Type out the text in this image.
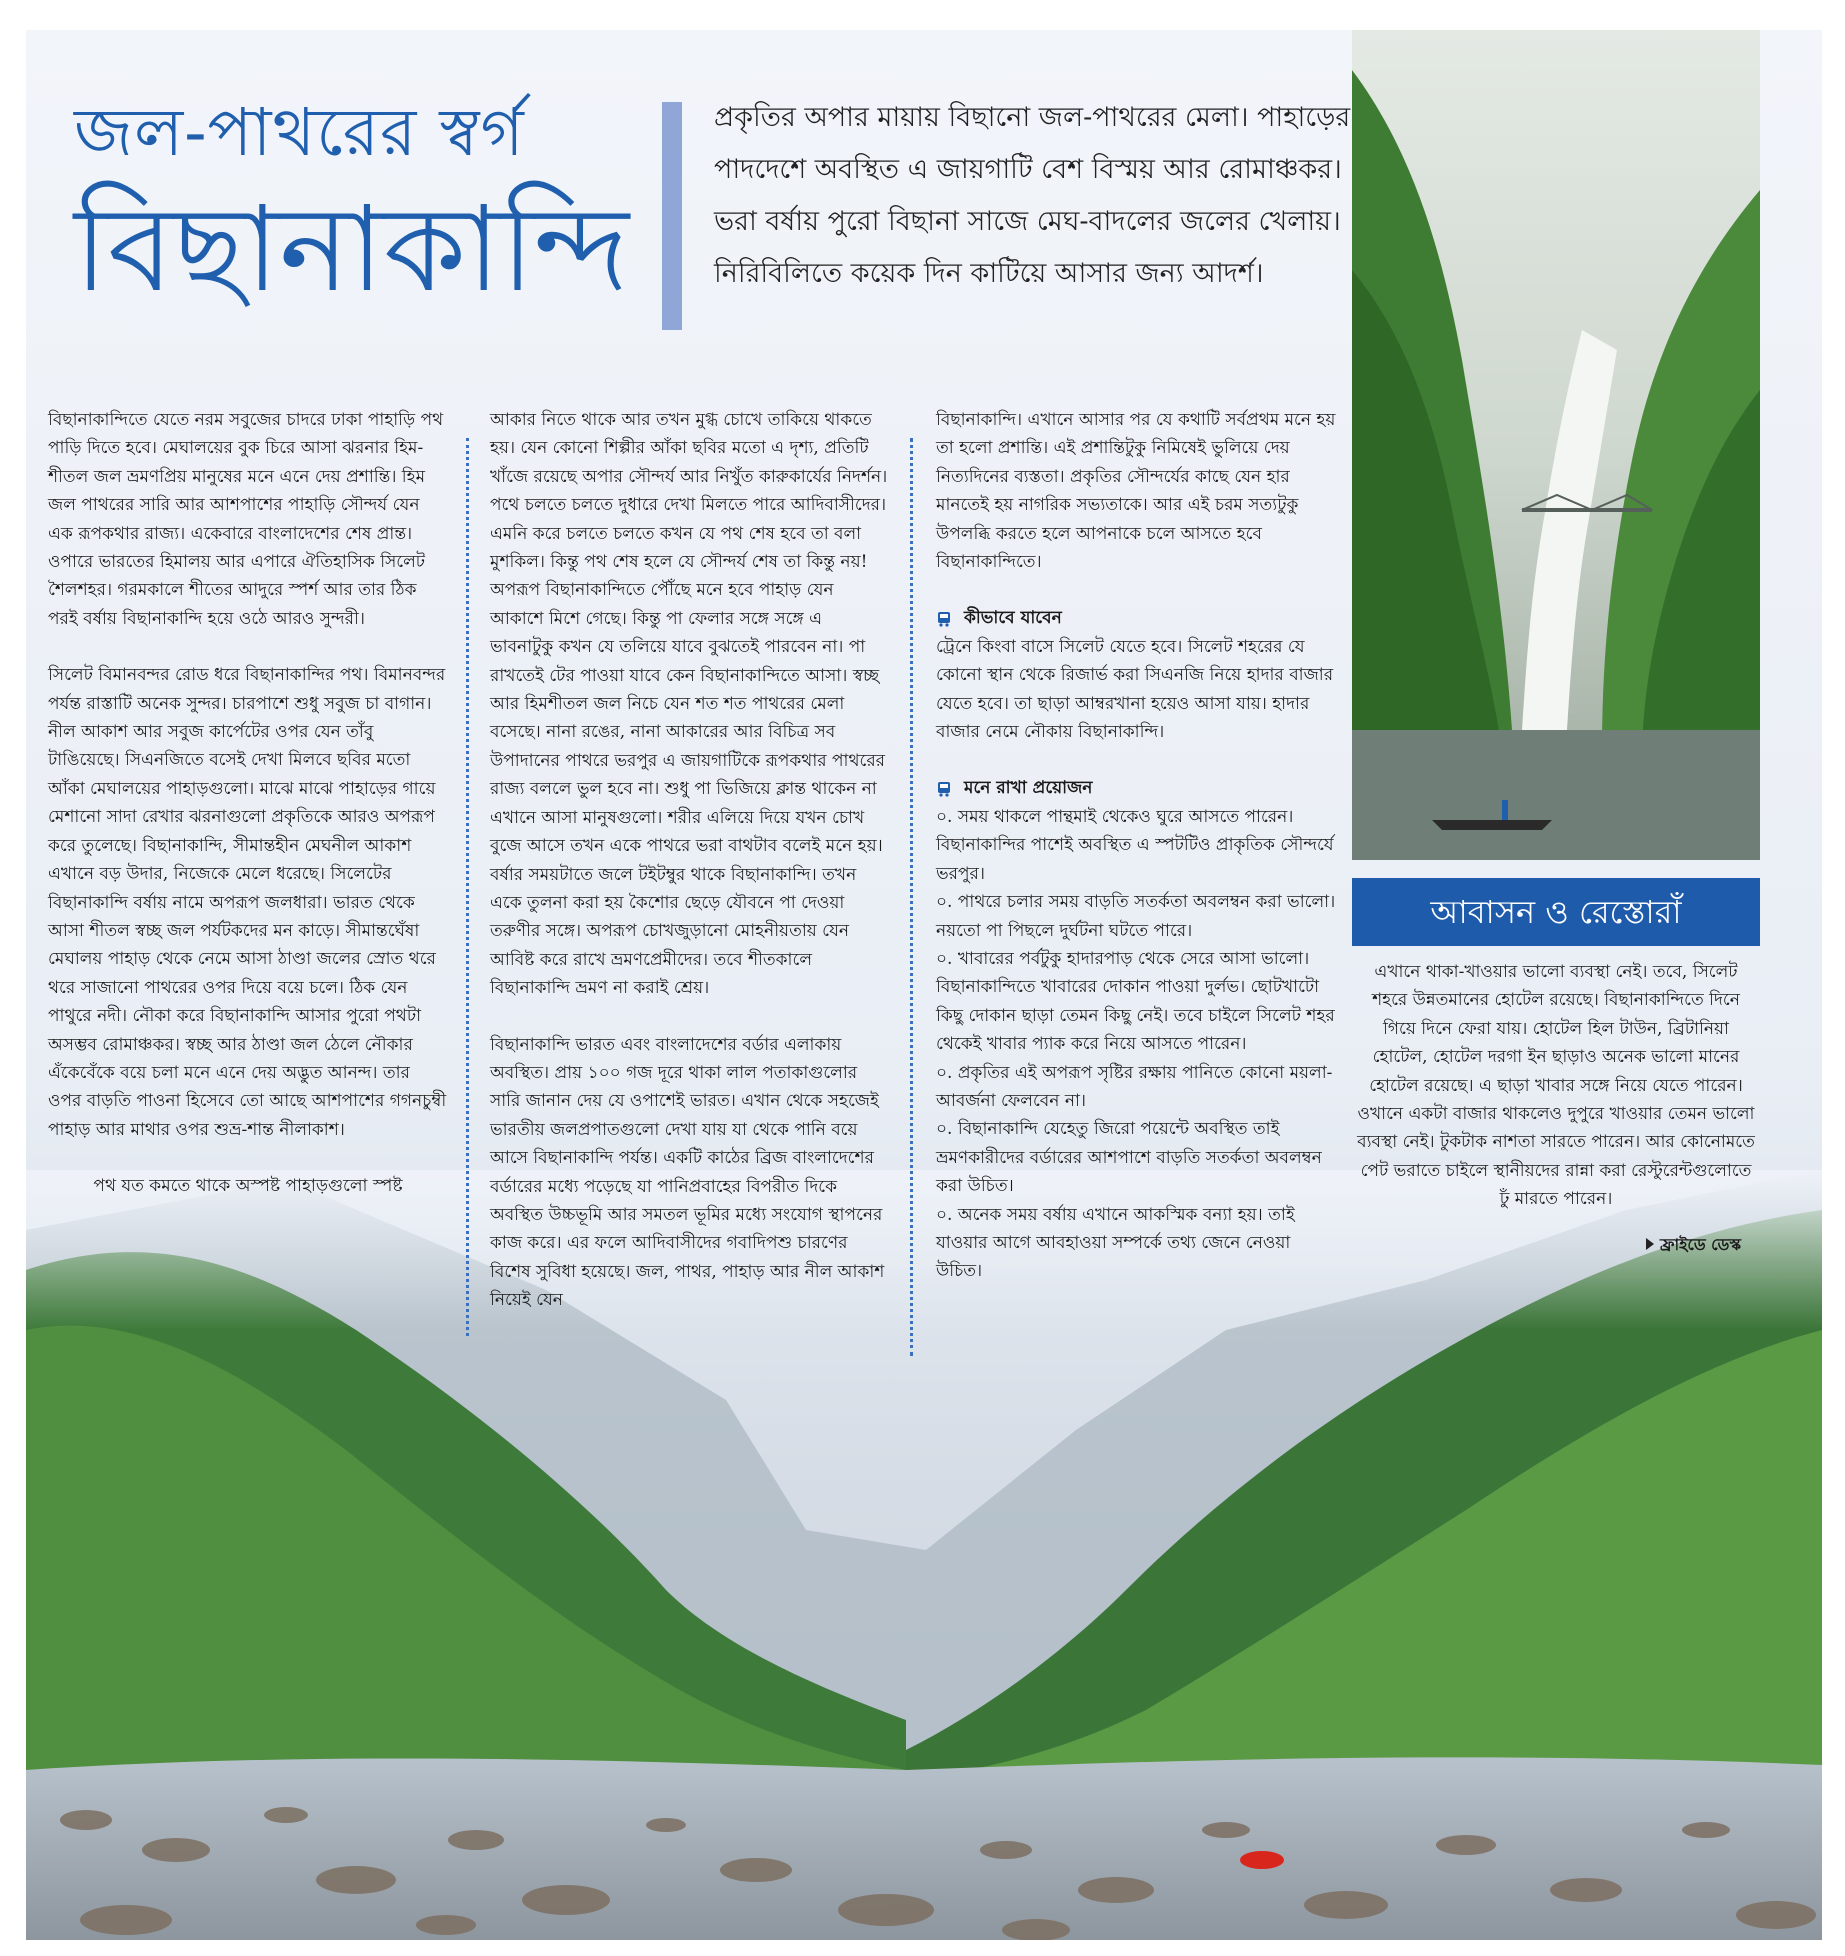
জল-পাথরের স্বর্গ
বিছানাকান্দি
প্রকৃতির অপার মায়ায় বিছানো জল-পাথরের মেলা। পাহাড়ের পাদদেশে অবস্থিত এ জায়গাটি বেশ বিস্ময় আর রোমাঞ্চকর। ভরা বর্ষায় পুরো বিছানা সাজে মেঘ-বাদলের জলের খেলায়। নিরিবিলিতে কয়েক দিন কাটিয়ে আসার জন্য আদর্শ।

বিছানাকান্দিতে যেতে নরম সবুজের চাদরে ঢাকা পাহাড়ি পথ পাড়ি দিতে হবে। মেঘালয়ের বুক চিরে আসা ঝরনার হিম-শীতল জল ভ্রমণপ্রিয় মানুষের মনে এনে দেয় প্রশান্তি। হিম জল পাথরের সারি আর আশপাশের পাহাড়ি সৌন্দর্য যেন এক রূপকথার রাজ্য। একেবারে বাংলাদেশের শেষ প্রান্ত। ওপারে ভারতের হিমালয় আর এপারে ঐতিহাসিক সিলেট শৈলশহর। গরমকালে শীতের আদুরে স্পর্শ আর তার ঠিক পরই বর্ষায় বিছানাকান্দি হয়ে ওঠে আরও সুন্দরী।

সিলেট বিমানবন্দর রোড ধরে বিছানাকান্দির পথ। বিমানবন্দর পর্যন্ত রাস্তাটি অনেক সুন্দর। চারপাশে শুধু সবুজ চা বাগান। নীল আকাশ আর সবুজ কার্পেটের ওপর যেন তাঁবু টাঙিয়েছে। সিএনজিতে বসেই দেখা মিলবে ছবির মতো আঁকা মেঘালয়ের পাহাড়গুলো। মাঝে মাঝে পাহাড়ের গায়ে মেশানো সাদা রেখার ঝরনাগুলো প্রকৃতিকে আরও অপরূপ করে তুলেছে। বিছানাকান্দি, সীমান্তহীন মেঘনীল আকাশ এখানে বড় উদার, নিজেকে মেলে ধরেছে। সিলেটের বিছানাকান্দি বর্ষায় নামে অপরূপ জলধারা। ভারত থেকে আসা শীতল স্বচ্ছ জল পর্যটকদের মন কাড়ে। সীমান্তঘেঁষা মেঘালয় পাহাড় থেকে নেমে আসা ঠাণ্ডা জলের স্রোত থরে থরে সাজানো পাথরের ওপর দিয়ে বয়ে চলে। ঠিক যেন পাথুরে নদী। নৌকা করে বিছানাকান্দি আসার পুরো পথটা অসম্ভব রোমাঞ্চকর। স্বচ্ছ আর ঠাণ্ডা জল ঠেলে নৌকার এঁকেবেঁকে বয়ে চলা মনে এনে দেয় অদ্ভুত আনন্দ। তার ওপর বাড়তি পাওনা হিসেবে তো আছে আশপাশের গগনচুম্বী পাহাড় আর মাথার ওপর শুভ্র-শান্ত নীলাকাশ।

পথ যত কমতে থাকে অস্পষ্ট পাহাড়গুলো স্পষ্ট

আকার নিতে থাকে আর তখন মুগ্ধ চোখে তাকিয়ে থাকতে হয়। যেন কোনো শিল্পীর আঁকা ছবির মতো এ দৃশ্য, প্রতিটি খাঁজে রয়েছে অপার সৌন্দর্য আর নিখুঁত কারুকার্যের নিদর্শন। পথে চলতে চলতে দুধারে দেখা মিলতে পারে আদিবাসীদের। এমনি করে চলতে চলতে কখন যে পথ শেষ হবে তা বলা মুশকিল। কিন্তু পথ শেষ হলে যে সৌন্দর্য শেষ তা কিন্তু নয়! অপরূপ বিছানাকান্দিতে পৌঁছে মনে হবে পাহাড় যেন আকাশে মিশে গেছে। কিন্তু পা ফেলার সঙ্গে সঙ্গে এ ভাবনাটুকু কখন যে তলিয়ে যাবে বুঝতেই পারবেন না। পা রাখতেই টের পাওয়া যাবে কেন বিছানাকান্দিতে আসা। স্বচ্ছ আর হিমশীতল জল নিচে যেন শত শত পাথরের মেলা বসেছে। নানা রঙের, নানা আকারের আর বিচিত্র সব উপাদানের পাথরে ভরপুর এ জায়গাটিকে রূপকথার পাথরের রাজ্য বললে ভুল হবে না। শুধু পা ভিজিয়ে ক্লান্ত থাকেন না এখানে আসা মানুষগুলো। শরীর এলিয়ে দিয়ে যখন চোখ বুজে আসে তখন একে পাথরে ভরা বাথটাব বলেই মনে হয়। বর্ষার সময়টাতে জলে টইটম্বুর থাকে বিছানাকান্দি। তখন একে তুলনা করা হয় কৈশোর ছেড়ে যৌবনে পা দেওয়া তরুণীর সঙ্গে। অপরূপ চোখজুড়ানো মোহনীয়তায় যেন আবিষ্ট করে রাখে ভ্রমণপ্রেমীদের। তবে শীতকালে বিছানাকান্দি ভ্রমণ না করাই শ্রেয়।

বিছানাকান্দি ভারত এবং বাংলাদেশের বর্ডার এলাকায় অবস্থিত। প্রায় ১০০ গজ দূরে থাকা লাল পতাকাগুলোর সারি জানান দেয় যে ওপাশেই ভারত। এখান থেকে সহজেই ভারতীয় জলপ্রপাতগুলো দেখা যায় যা থেকে পানি বয়ে আসে বিছানাকান্দি পর্যন্ত। একটি কাঠের ব্রিজ বাংলাদেশের বর্ডারের মধ্যে পড়েছে যা পানিপ্রবাহের বিপরীত দিকে অবস্থিত উচ্চভূমি আর সমতল ভূমির মধ্যে সংযোগ স্থাপনের কাজ করে। এর ফলে আদিবাসীদের গবাদিপশু চারণের বিশেষ সুবিধা হয়েছে। জল, পাথর, পাহাড় আর নীল আকাশ নিয়েই যেন

বিছানাকান্দি। এখানে আসার পর যে কথাটি সর্বপ্রথম মনে হয় তা হলো প্রশান্তি। এই প্রশান্তিটুকু নিমিষেই ভুলিয়ে দেয় নিত্যদিনের ব্যস্ততা। প্রকৃতির সৌন্দর্যের কাছে যেন হার মানতেই হয় নাগরিক সভ্যতাকে। আর এই চরম সত্যটুকু উপলব্ধি করতে হলে আপনাকে চলে আসতে হবে বিছানাকান্দিতে।

কীভাবে যাবেন

ট্রেনে কিংবা বাসে সিলেট যেতে হবে। সিলেট শহরের যে কোনো স্থান থেকে রিজার্ভ করা সিএনজি নিয়ে হাদার বাজার যেতে হবে। তা ছাড়া আম্বরখানা হয়েও আসা যায়। হাদার বাজার নেমে নৌকায় বিছানাকান্দি।

মনে রাখা প্রয়োজন
০. সময় থাকলে পান্থমাই থেকেও ঘুরে আসতে পারেন। বিছানাকান্দির পাশেই অবস্থিত এ স্পটটিও প্রাকৃতিক সৌন্দর্যে ভরপুর।
০. পাথরে চলার সময় বাড়তি সতর্কতা অবলম্বন করা ভালো। নয়তো পা পিছলে দুর্ঘটনা ঘটতে পারে।
০. খাবারের পর্বটুকু হাদারপাড় থেকে সেরে আসা ভালো। বিছানাকান্দিতে খাবারের দোকান পাওয়া দুর্লভ। ছোটখাটো কিছু দোকান ছাড়া তেমন কিছু নেই। তবে চাইলে সিলেট শহর থেকেই খাবার প্যাক করে নিয়ে আসতে পারেন।
০. প্রকৃতির এই অপরূপ সৃষ্টির রক্ষায় পানিতে কোনো ময়লা-আবর্জনা ফেলবেন না।
০. বিছানাকান্দি যেহেতু জিরো পয়েন্টে অবস্থিত তাই ভ্রমণকারীদের বর্ডারের আশপাশে বাড়তি সতর্কতা অবলম্বন করা উচিত।
০. অনেক সময় বর্ষায় এখানে আকস্মিক বন্যা হয়। তাই যাওয়ার আগে আবহাওয়া সম্পর্কে তথ্য জেনে নেওয়া উচিত।
আবাসন ও রেস্তোরাঁ
এখানে থাকা-খাওয়ার ভালো ব্যবস্থা নেই। তবে, সিলেট শহরে উন্নতমানের হোটেল রয়েছে। বিছানাকান্দিতে দিনে গিয়ে দিনে ফেরা যায়। হোটেল হিল টাউন, ব্রিটানিয়া হোটেল, হোটেল দরগা ইন ছাড়াও অনেক ভালো মানের হোটেল রয়েছে। এ ছাড়া খাবার সঙ্গে নিয়ে যেতে পারেন। ওখানে একটা বাজার থাকলেও দুপুরে খাওয়ার তেমন ভালো ব্যবস্থা নেই। টুকটাক নাশতা সারতে পারেন। আর কোনোমতে পেট ভরাতে চাইলে স্থানীয়দের রান্না করা রেস্টুরেন্টগুলোতে ঢুঁ মারতে পারেন।
ফ্রাইডে ডেস্ক
